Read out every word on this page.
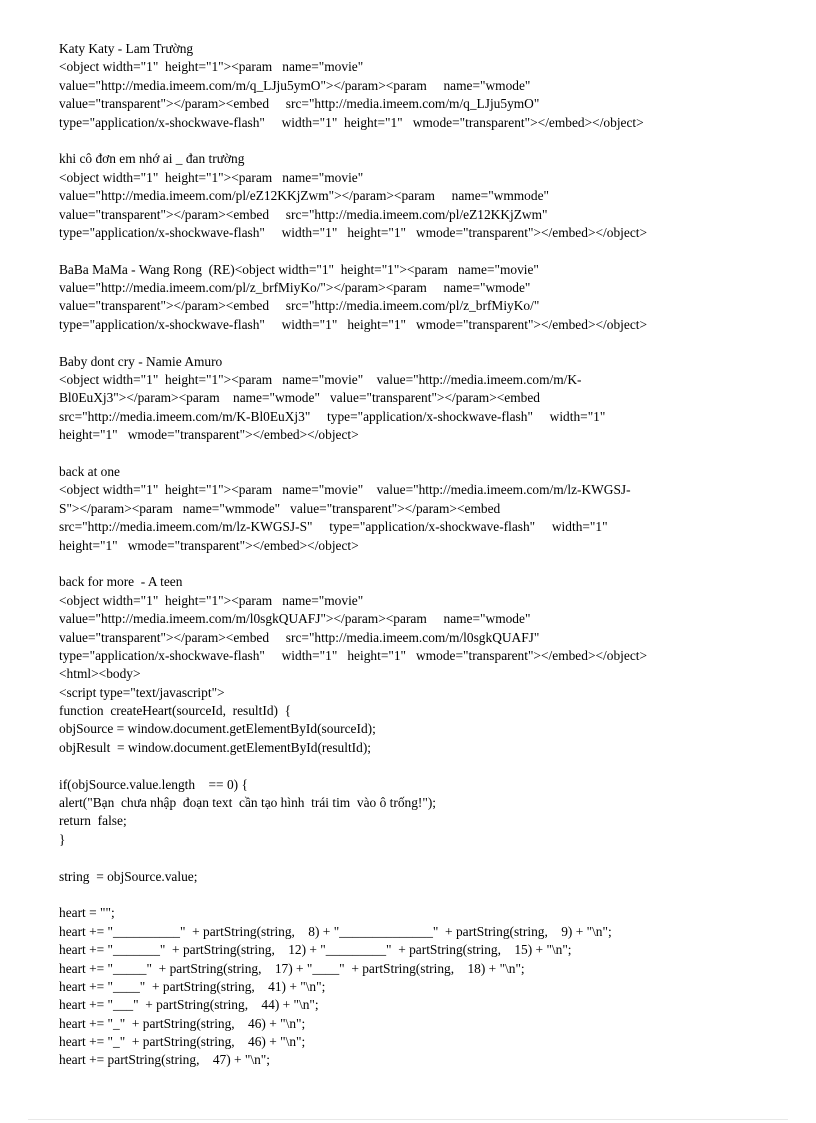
Katy Katy - Lam Trường
<object width="1"  height="1"><param   name="movie"
value="http://media.imeem.com/m/q_LJju5ymO"></param><param     name="wmode"
value="transparent"></param><embed     src="http://media.imeem.com/m/q_LJju5ymO"
type="application/x-shockwave-flash"     width="1"  height="1"   wmode="transparent"></embed></object>
khi cô đơn em nhớ ai _ đan trường
<object width="1"  height="1"><param   name="movie"
value="http://media.imeem.com/pl/eZ12KKjZwm"></param><param     name="wmmode"
value="transparent"></param><embed     src="http://media.imeem.com/pl/eZ12KKjZwm"
type="application/x-shockwave-flash"     width="1"   height="1"   wmode="transparent"></embed></object>
BaBa MaMa - Wang Rong  (RE)<object width="1"  height="1"><param   name="movie"
value="http://media.imeem.com/pl/z_brfMiyKo/"></param><param     name="wmode"
value="transparent"></param><embed     src="http://media.imeem.com/pl/z_brfMiyKo/"
type="application/x-shockwave-flash"     width="1"   height="1"   wmode="transparent"></embed></object>
Baby dont cry - Namie Amuro
<object width="1"  height="1"><param   name="movie"    value="http://media.imeem.com/m/K-
Bl0EuXj3"></param><param    name="wmode"   value="transparent"></param><embed
src="http://media.imeem.com/m/K-Bl0EuXj3"     type="application/x-shockwave-flash"     width="1"
height="1"   wmode="transparent"></embed></object>
back at one
<object width="1"  height="1"><param   name="movie"    value="http://media.imeem.com/m/lz-KWGSJ-
S"></param><param   name="wmmode"   value="transparent"></param><embed
src="http://media.imeem.com/m/lz-KWGSJ-S"     type="application/x-shockwave-flash"     width="1"
height="1"   wmode="transparent"></embed></object>
back for more  - A teen
<object width="1"  height="1"><param   name="movie"
value="http://media.imeem.com/m/l0sgkQUAFJ"></param><param     name="wmode"
value="transparent"></param><embed     src="http://media.imeem.com/m/l0sgkQUAFJ"
type="application/x-shockwave-flash"     width="1"   height="1"   wmode="transparent"></embed></object>
<html><body>
<script type="text/javascript">
function  createHeart(sourceId,  resultId)  {
objSource = window.document.getElementById(sourceId);
objResult  = window.document.getElementById(resultId);
if(objSource.value.length    == 0) {
alert("Bạn  chưa nhập  đoạn text  cần tạo hình  trái tim  vào ô trống!");
return  false;
}
string  = objSource.value;
heart = "";
heart += "__________"  + partString(string,    8) + "______________"  + partString(string,    9) + "\n";
heart += "_______"  + partString(string,    12) + "_________"  + partString(string,    15) + "\n";
heart += "_____"  + partString(string,    17) + "____"  + partString(string,    18) + "\n";
heart += "____"  + partString(string,    41) + "\n";
heart += "___"  + partString(string,    44) + "\n";
heart += "_"  + partString(string,    46) + "\n";
heart += "_"  + partString(string,    46) + "\n";
heart += partString(string,    47) + "\n";
